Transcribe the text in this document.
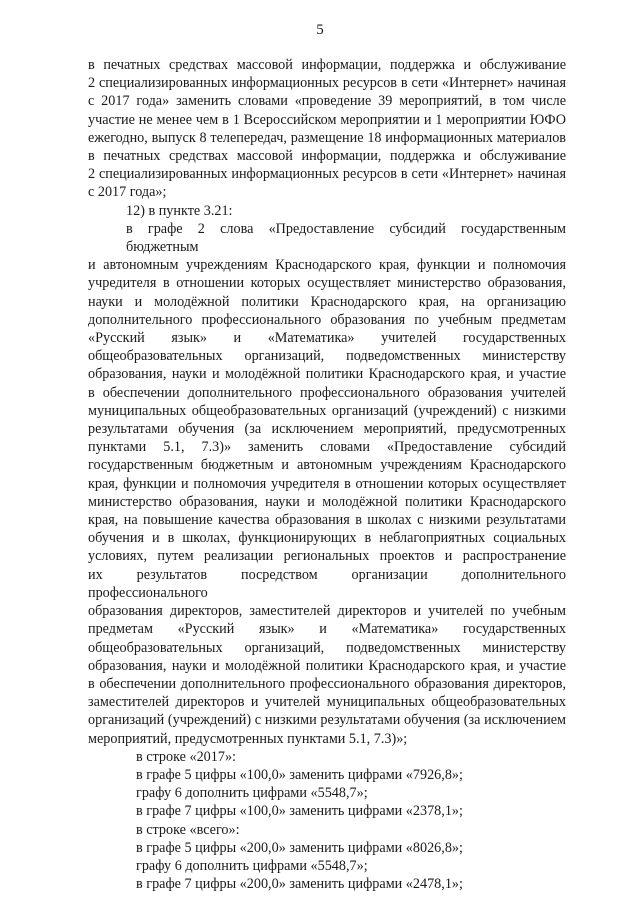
5
в печатных средствах массовой информации, поддержка и обслуживание
2 специализированных информационных ресурсов в сети «Интернет» начиная
с 2017 года» заменить словами «проведение 39 мероприятий, в том числе
участие не менее чем в 1 Всероссийском мероприятии и 1 мероприятии ЮФО
ежегодно, выпуск 8 телепередач, размещение 18 информационных материалов
в печатных средствах массовой информации, поддержка и обслуживание
2 специализированных информационных ресурсов в сети «Интернет» начиная
с 2017 года»;
12) в пункте 3.21:
в графе 2 слова «Предоставление субсидий государственным бюджетным
и автономным учреждениям Краснодарского края, функции и полномочия
учредителя в отношении которых осуществляет министерство образования,
науки и молодёжной политики Краснодарского края, на организацию
дополнительного профессионального образования по учебным предметам
«Русский язык» и «Математика» учителей государственных
общеобразовательных организаций, подведомственных министерству
образования, науки и молодёжной политики Краснодарского края, и участие
в обеспечении дополнительного профессионального образования учителей
муниципальных общеобразовательных организаций (учреждений) с низкими
результатами обучения (за исключением мероприятий, предусмотренных
пунктами 5.1, 7.3)» заменить словами «Предоставление субсидий
государственным бюджетным и автономным учреждениям Краснодарского
края, функции и полномочия учредителя в отношении которых осуществляет
министерство образования, науки и молодёжной политики Краснодарского
края, на повышение качества образования в школах с низкими результатами
обучения и в школах, функционирующих в неблагоприятных социальных
условиях, путем реализации региональных проектов и распространение
их результатов посредством организации дополнительного профессионального
образования директоров, заместителей директоров и учителей по учебным
предметам «Русский язык» и «Математика» государственных
общеобразовательных организаций, подведомственных министерству
образования, науки и молодёжной политики Краснодарского края, и участие
в обеспечении дополнительного профессионального образования директоров,
заместителей директоров и учителей муниципальных общеобразовательных
организаций (учреждений) с низкими результатами обучения (за исключением
мероприятий, предусмотренных пунктами 5.1, 7.3)»;
в строке «2017»:
в графе 5 цифры «100,0» заменить цифрами «7926,8»;
графу 6 дополнить цифрами «5548,7»;
в графе 7 цифры «100,0» заменить цифрами «2378,1»;
в строке «всего»:
в графе 5 цифры «200,0» заменить цифрами «8026,8»;
графу 6 дополнить цифрами «5548,7»;
в графе 7 цифры «200,0» заменить цифрами «2478,1»;
